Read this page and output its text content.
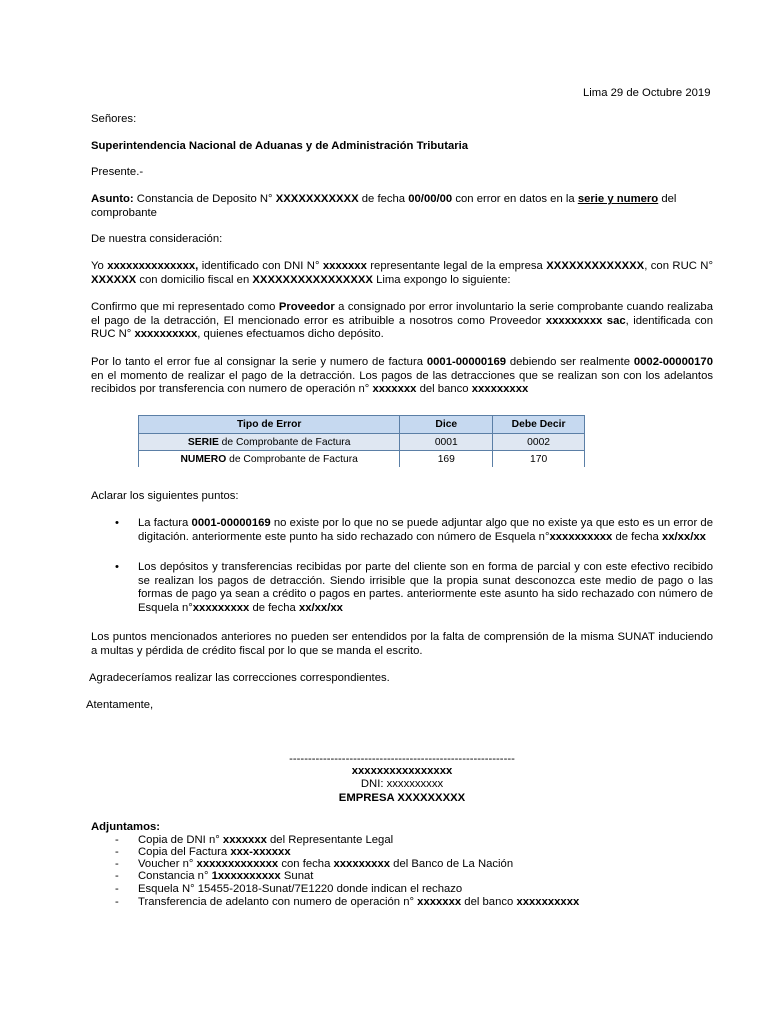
Lima 29 de Octubre 2019
Señores:
Superintendencia Nacional de Aduanas y de Administración Tributaria
Presente.-

Asunto: Constancia de Deposito N° XXXXXXXXXXX de fecha 00/00/00 con error en datos en la serie y numero del comprobante

De nuestra consideración:

Yo xxxxxxxxxxxxxx, identificado con DNI N° xxxxxxx representante legal de la empresa XXXXXXXXXXXXX, con RUC N° XXXXXX con domicilio fiscal en XXXXXXXXXXXXXXXX Lima expongo lo siguiente:

Confirmo que mi representado como Proveedor a consignado por error involuntario la serie comprobante cuando realizaba el pago de la detracción, El mencionado error es atribuible a nosotros como Proveedor xxxxxxxxx sac, identificada con RUC N° xxxxxxxxxx, quienes efectuamos dicho depósito.

Por lo tanto el error fue al consignar la serie y numero de factura 0001-00000169 debiendo ser realmente 0002-00000170 en el momento de realizar el pago de la detracción. Los pagos de las detracciones que se realizan son con los adelantos recibidos por transferencia con numero de operación n° xxxxxxx del banco xxxxxxxxx

Tipo de Error	Dice	Debe Decir
SERIE de Comprobante de Factura	0001	0002
NUMERO de Comprobante de Factura	169	170
Aclarar los siguientes puntos:
• La factura 0001-00000169 no existe por lo que no se puede adjuntar algo que no existe ya que esto es un error de digitación. anteriormente este punto ha sido rechazado con número de Esquela n°xxxxxxxxxx de fecha xx/xx/xx

• Los depósitos y transferencias recibidas por parte del cliente son en forma de parcial y con este efectivo recibido se realizan los pagos de detracción. Siendo irrisible que la propia sunat desconozca este medio de pago o las formas de pago ya sean a crédito o pagos en partes. anteriormente este asunto ha sido rechazado con número de Esquela n°xxxxxxxxx de fecha xx/xx/xx

Los puntos mencionados anteriores no pueden ser entendidos por la falta de comprensión de la misma SUNAT induciendo a multas y pérdida de crédito fiscal por lo que se manda el escrito.

Agradeceríamos realizar las correcciones correspondientes.
Atentamente,
------------------------------------------------------------
xxxxxxxxxxxxxxxx
DNI: xxxxxxxxxx
EMPRESA XXXXXXXXX
Adjuntamos:
- Copia de DNI n° xxxxxxx del Representante Legal
- Copia del Factura xxx-xxxxxx
- Voucher n° xxxxxxxxxxxxx con fecha xxxxxxxxx del Banco de La Nación
- Constancia n° 1xxxxxxxxxx Sunat
- Esquela N° 15455-2018-Sunat/7E1220 donde indican el rechazo
- Transferencia de adelanto con numero de operación n° xxxxxxx del banco xxxxxxxxxx
